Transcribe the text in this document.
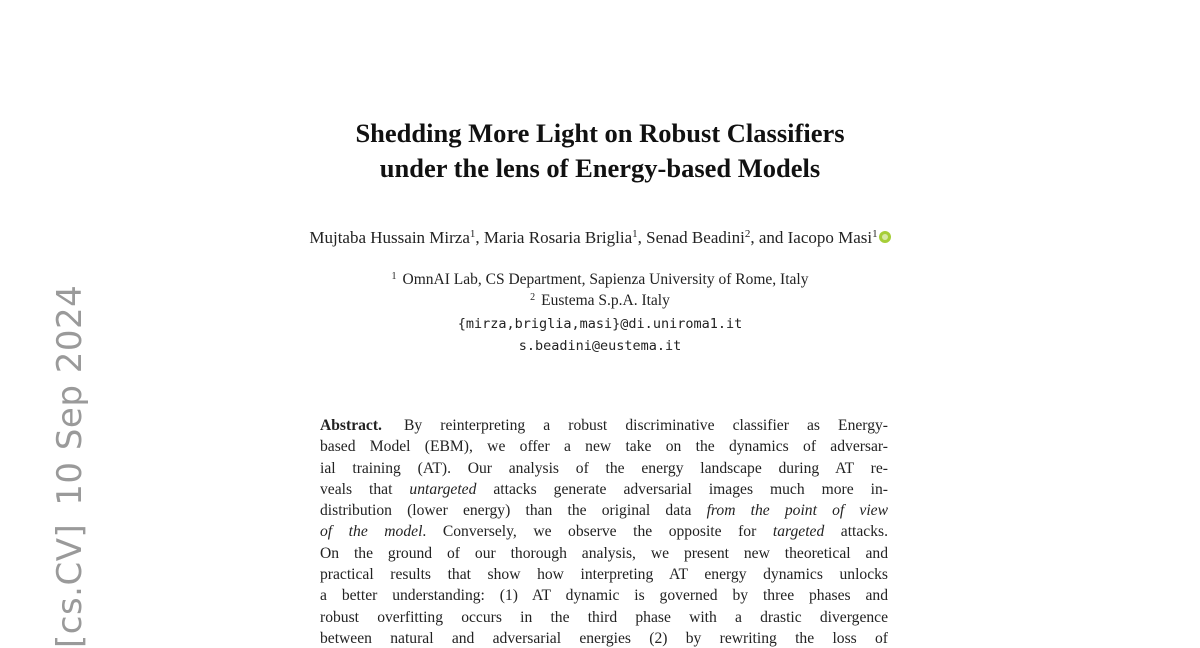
[cs.CV]10 Sep 2024
Shedding More Light on Robust Classifiers
under the lens of Energy-based Models
Mujtaba Hussain Mirza$^1$, Maria Rosaria Briglia$^1$, Senad Beadini$^2$, and Iacopo Masi$^1$
$^1$ OmnAI Lab, CS Department, Sapienza University of Rome, Italy
$^2$ Eustema S.p.A. Italy
{mirza,briglia,masi}@di.uniroma1.it
s.beadini@eustema.it
Abstract. By reinterpreting a robust discriminative classifier as Energy-
based Model (EBM), we offer a new take on the dynamics of adversar-
ial training (AT). Our analysis of the energy landscape during AT re-
veals that untargeted attacks generate adversarial images much more in-
distribution (lower energy) than the original data from the point of view
of the model. Conversely, we observe the opposite for targeted attacks.
On the ground of our thorough analysis, we present new theoretical and
practical results that show how interpreting AT energy dynamics unlocks
a better understanding: (1) AT dynamic is governed by three phases and
robust overfitting occurs in the third phase with a drastic divergence
between natural and adversarial energies (2) by rewriting the loss of
